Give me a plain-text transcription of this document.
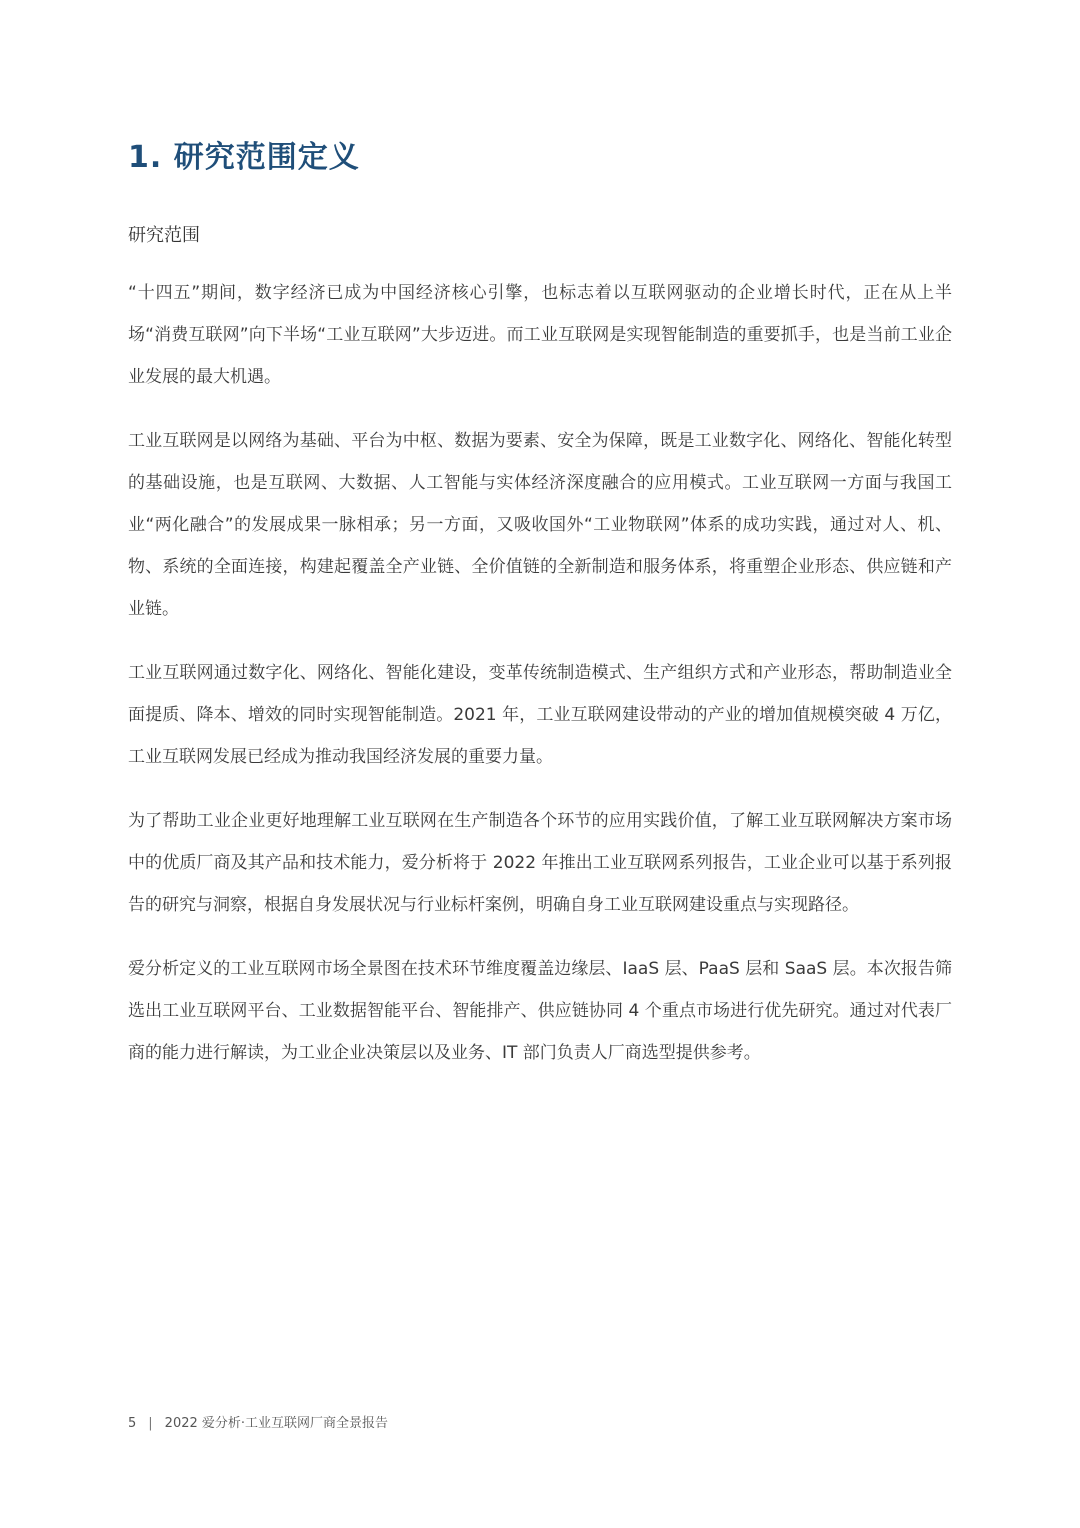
1. 研究范围定义
研究范围

“十四五”期间，数字经济已成为中国经济核心引擎，也标志着以互联网驱动的企业增长时代，正在从上半场“消费互联网”向下半场“工业互联网”大步迈进。而工业互联网是实现智能制造的重要抓手，也是当前工业企业发展的最大机遇。

工业互联网是以网络为基础、平台为中枢、数据为要素、安全为保障，既是工业数字化、网络化、智能化转型的基础设施，也是互联网、大数据、人工智能与实体经济深度融合的应用模式。工业互联网一方面与我国工业“两化融合”的发展成果一脉相承；另一方面，又吸收国外“工业物联网”体系的成功实践，通过对人、机、物、系统的全面连接，构建起覆盖全产业链、全价值链的全新制造和服务体系，将重塑企业形态、供应链和产业链。

工业互联网通过数字化、网络化、智能化建设，变革传统制造模式、生产组织方式和产业形态，帮助制造业全面提质、降本、增效的同时实现智能制造。2021 年，工业互联网建设带动的产业的增加值规模突破 4 万亿，工业互联网发展已经成为推动我国经济发展的重要力量。

为了帮助工业企业更好地理解工业互联网在生产制造各个环节的应用实践价值，了解工业互联网解决方案市场中的优质厂商及其产品和技术能力，爱分析将于 2022 年推出工业互联网系列报告，工业企业可以基于系列报告的研究与洞察，根据自身发展状况与行业标杆案例，明确自身工业互联网建设重点与实现路径。

爱分析定义的工业互联网市场全景图在技术环节维度覆盖边缘层、IaaS 层、PaaS 层和 SaaS 层。本次报告筛选出工业互联网平台、工业数据智能平台、智能排产、供应链协同 4 个重点市场进行优先研究。通过对代表厂商的能力进行解读，为工业企业决策层以及业务、IT 部门负责人厂商选型提供参考。

5 | 2022 爱分析·工业互联网厂商全景报告
